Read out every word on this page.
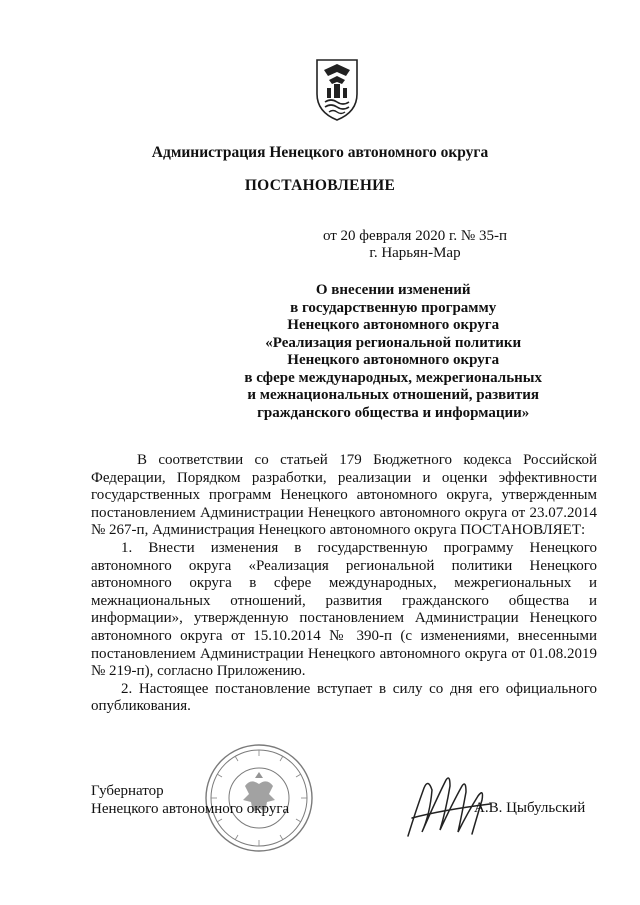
Администрация Ненецкого автономного округа
ПОСТАНОВЛЕНИЕ
от 20 февраля 2020 г. № 35-п
г. Нарьян-Мар
О внесении изменений
в государственную программу
Ненецкого автономного округа
«Реализация региональной политики
Ненецкого автономного округа
в сфере международных, межрегиональных
и межнациональных отношений, развития
гражданского общества и информации»

В соответствии со статьей 179 Бюджетного кодекса Российской Федерации, Порядком разработки, реализации и оценки эффективности государственных программ Ненецкого автономного округа, утвержденным постановлением Администрации Ненецкого автономного округа от 23.07.2014 № 267-п, Администрация Ненецкого автономного округа ПОСТАНОВЛЯЕТ:

1. Внести изменения в государственную программу Ненецкого автономного округа «Реализация региональной политики Ненецкого автономного округа в сфере международных, межрегиональных и межнациональных отношений, развития гражданского общества и информации», утвержденную постановлением Администрации Ненецкого автономного округа от 15.10.2014 № 390-п (с изменениями, внесенными постановлением Администрации Ненецкого автономного округа от 01.08.2019 № 219-п), согласно Приложению.

2. Настоящее постановление вступает в силу со дня его официального опубликования.

Губернатор
Ненецкого автономного округа	А.В. Цыбульский
